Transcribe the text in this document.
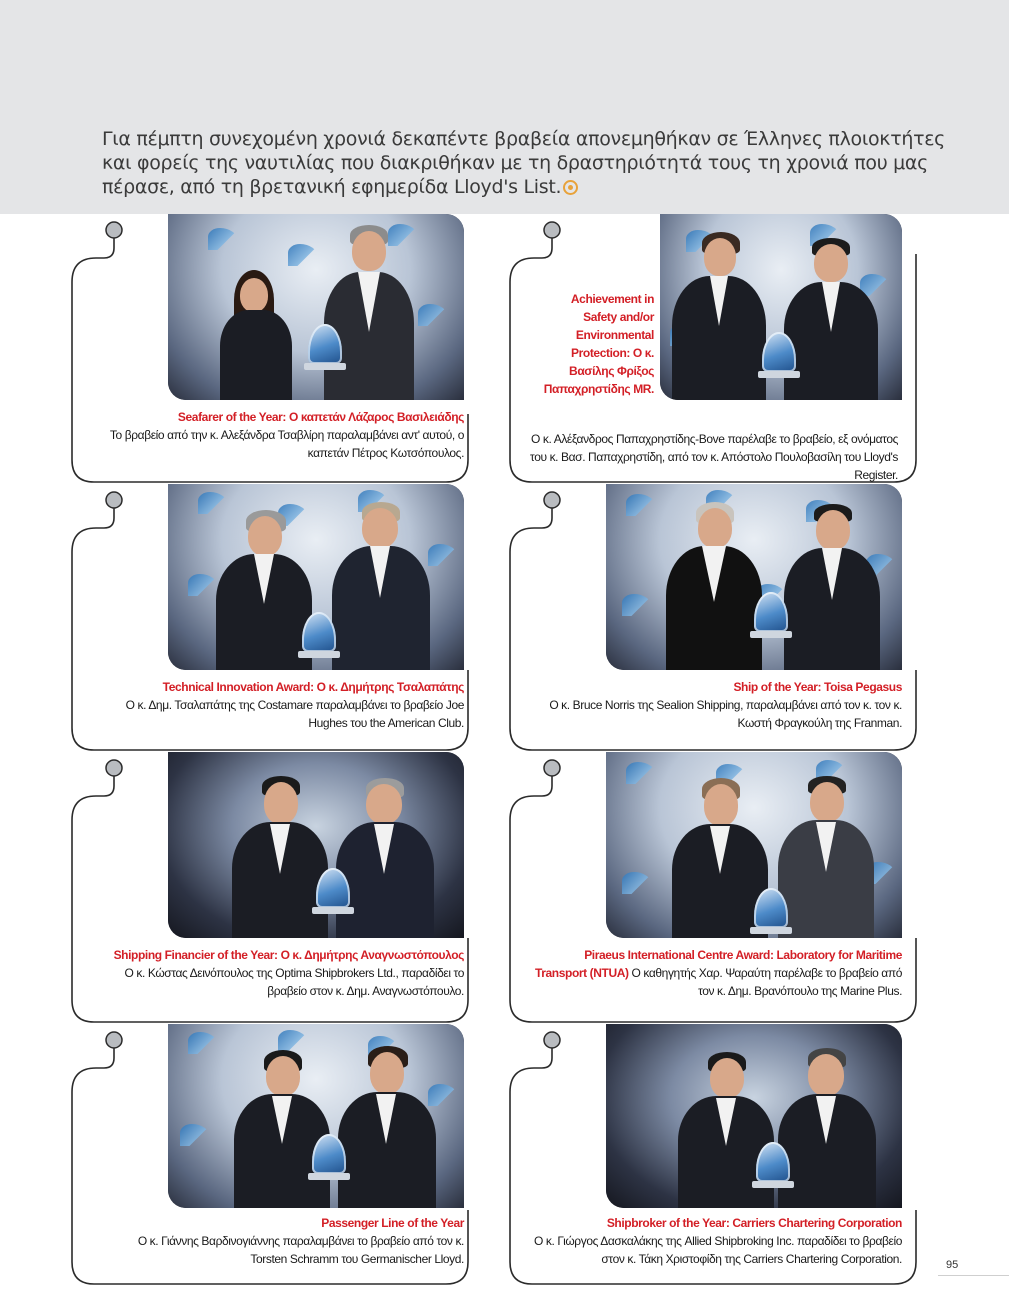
Για πέμπτη συνεχομένη χρονιά δεκαπέντε βραβεία απονεμηθήκαν σε Έλληνες πλοιοκτήτες και φορείς της ναυτιλίας που διακριθήκαν με τη δραστηριότητά τους τη χρονιά που μας πέρασε, από τη βρετανική εφημερίδα Lloyd's List.

Seafarer of the Year: Ο καπετάν Λάζαρος Βασιλειάδης
Το βραβείο από την κ. Αλεξάνδρα Τσαβλίρη παραλαμβάνει αντ' αυτού, ο καπετάν Πέτρος Κωτσόπουλος.
Achievement in Safety and/or Environmental Protection: Ο κ. Βασίλης Φρίξος Παπαχρηστίδης MR.
Ο κ. Αλέξανδρος Παπαχρηστίδης-Bove παρέλαβε το βραβείο, εξ ονόματος του κ. Βασ. Παπαχρηστίδη, από τον κ. Απόστολο Πουλοβασίλη του Lloyd's Register.
Technical Innovation Award: Ο κ. Δημήτρης Τσαλαπάτης
Ο κ. Δημ. Τσαλαπάτης της Costamare παραλαμβάνει το βραβείο Joe Hughes του the American Club.
Ship of the Year: Toisa Pegasus
Ο κ. Bruce Norris της Sealion Shipping, παραλαμβάνει από τον κ. τον κ. Κωστή Φραγκούλη της Franman.
Shipping Financier of the Year: Ο κ. Δημήτρης Αναγνωστόπουλος
Ο κ. Κώστας Δεινόπουλος της Optima Shipbrokers Ltd., παραδίδει το βραβείο στον κ. Δημ. Αναγνωστόπουλο.
Piraeus International Centre Award: Laboratory for Maritime Transport (NTUA) Ο καθηγητής Χαρ. Ψαραύτη παρέλαβε το βραβείο από τον κ. Δημ. Βρανόπουλο της Marine Plus.
Passenger Line of the Year
Ο κ. Γιάννης Βαρδινογιάννης παραλαμβάνει το βραβείο από τον κ. Torsten Schramm του Germanischer Lloyd.
Shipbroker of the Year: Carriers Chartering Corporation
Ο κ. Γιώργος Δασκαλάκης της Allied Shipbroking Inc. παραδίδει το βραβείο στον κ. Τάκη Χριστοφίδη της Carriers Chartering Corporation.	95
